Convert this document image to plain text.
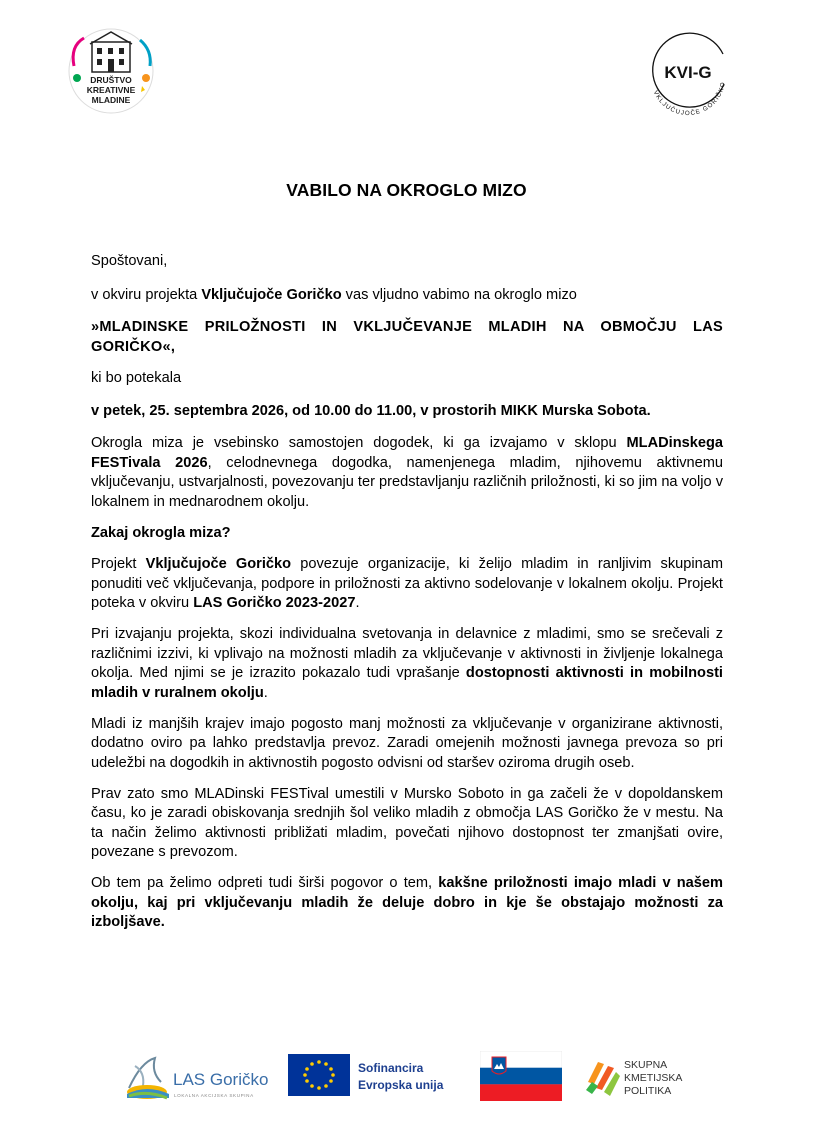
DRUŠTVO
KREATIVNE
MLADINE
KVI-G
VKLJUČUJOČE GORIČKO
VABILO NA OKROGLO MIZO

Spoštovani,

v okviru projekta Vključujoče Goričko vas vljudno vabimo na okroglo mizo

»MLADINSKE PRILOŽNOSTI IN VKLJUČEVANJE MLADIH NA OBMOČJU LAS GORIČKO«,

ki bo potekala

v petek, 25. septembra 2026, od 10.00 do 11.00, v prostorih MIKK Murska Sobota.

Okrogla miza je vsebinsko samostojen dogodek, ki ga izvajamo v sklopu MLADinskega FESTivala 2026, celodnevnega dogodka, namenjenega mladim, njihovemu aktivnemu vključevanju, ustvarjalnosti, povezovanju ter predstavljanju različnih priložnosti, ki so jim na voljo v lokalnem in mednarodnem okolju.

Zakaj okrogla miza?

Projekt Vključujoče Goričko povezuje organizacije, ki želijo mladim in ranljivim skupinam ponuditi več vključevanja, podpore in priložnosti za aktivno sodelovanje v lokalnem okolju. Projekt poteka v okviru LAS Goričko 2023-2027.

Pri izvajanju projekta, skozi individualna svetovanja in delavnice z mladimi, smo se srečevali z različnimi izzivi, ki vplivajo na možnosti mladih za vključevanje v aktivnosti in življenje lokalnega okolja. Med njimi se je izrazito pokazalo tudi vprašanje dostopnosti aktivnosti in mobilnosti mladih v ruralnem okolju.

Mladi iz manjših krajev imajo pogosto manj možnosti za vključevanje v organizirane aktivnosti, dodatno oviro pa lahko predstavlja prevoz. Zaradi omejenih možnosti javnega prevoza so pri udeležbi na dogodkih in aktivnostih pogosto odvisni od staršev oziroma drugih oseb.

Prav zato smo MLADinski FESTival umestili v Mursko Soboto in ga začeli že v dopoldanskem času, ko je zaradi obiskovanja srednjih šol veliko mladih z območja LAS Goričko že v mestu. Na ta način želimo aktivnosti približati mladim, povečati njihovo dostopnost ter zmanjšati ovire, povezane s prevozom.

Ob tem pa želimo odpreti tudi širši pogovor o tem, kakšne priložnosti imajo mladi v našem okolju, kaj pri vključevanju mladih že deluje dobro in kje še obstajajo možnosti za izboljšave.

LAS Goričko
LOKALNA AKCIJSKA SKUPINA
Sofinancira
Evropska unija
SKUPNA
KMETIJSKA
POLITIKA
